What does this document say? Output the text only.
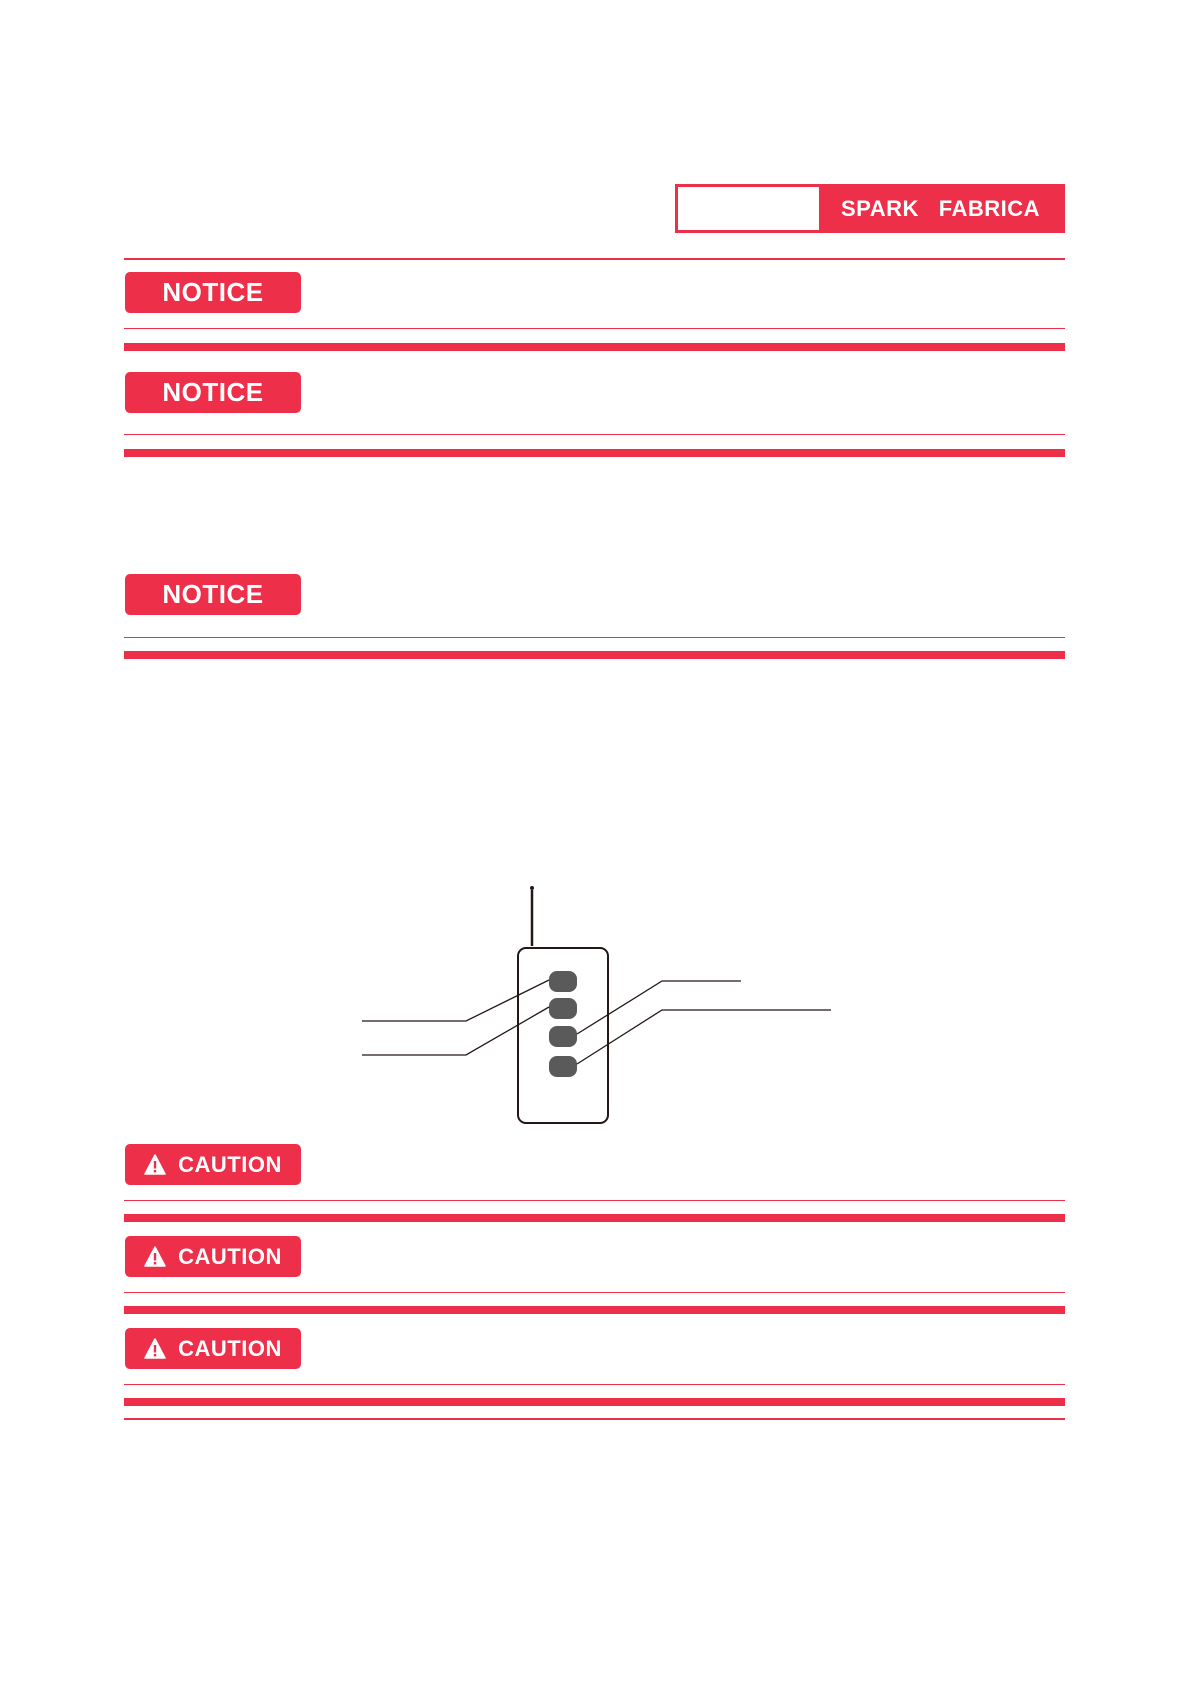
SPARK   FABRICA
NOTICE
NOTICE
NOTICE
CAUTION
CAUTION
CAUTION
